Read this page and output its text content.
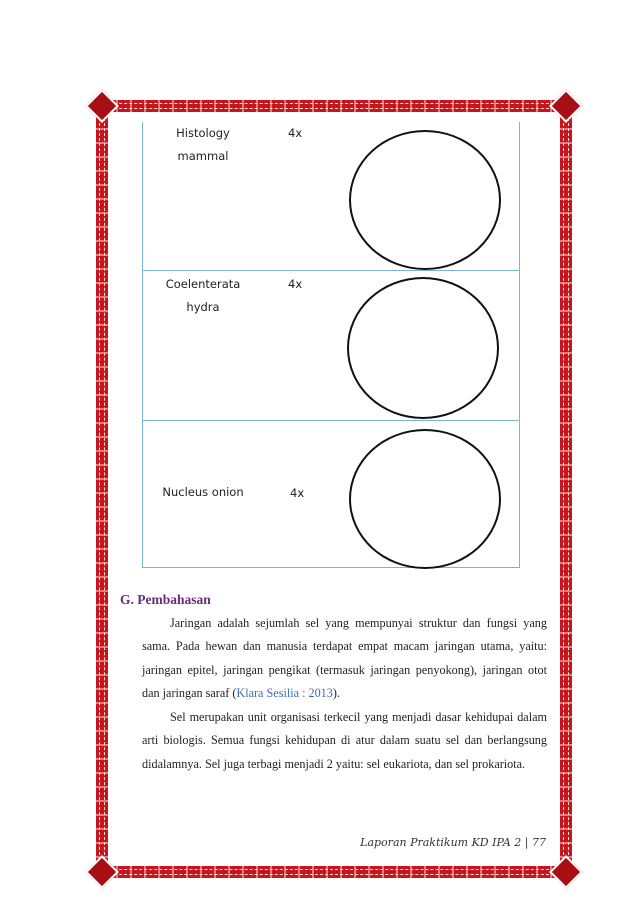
Histology
mammal
4x
Coelenterata
hydra
4x
Nucleus onion	4x
G. Pembahasan

Jaringan adalah sejumlah sel yang mempunyai struktur dan fungsi yang sama. Pada hewan dan manusia terdapat empat macam jaringan utama, yaitu: jaringan epitel, jaringan pengikat (termasuk jaringan penyokong), jaringan otot dan jaringan saraf (Klara Sesilia : 2013).

Sel merupakan unit organisasi terkecil yang menjadi dasar kehidupai dalam arti biologis. Semua fungsi kehidupan di atur dalam suatu sel dan berlangsung didalamnya. Sel juga terbagi menjadi 2 yaitu: sel eukariota, dan sel prokariota.

Laporan Praktikum KD IPA 2 | 77
